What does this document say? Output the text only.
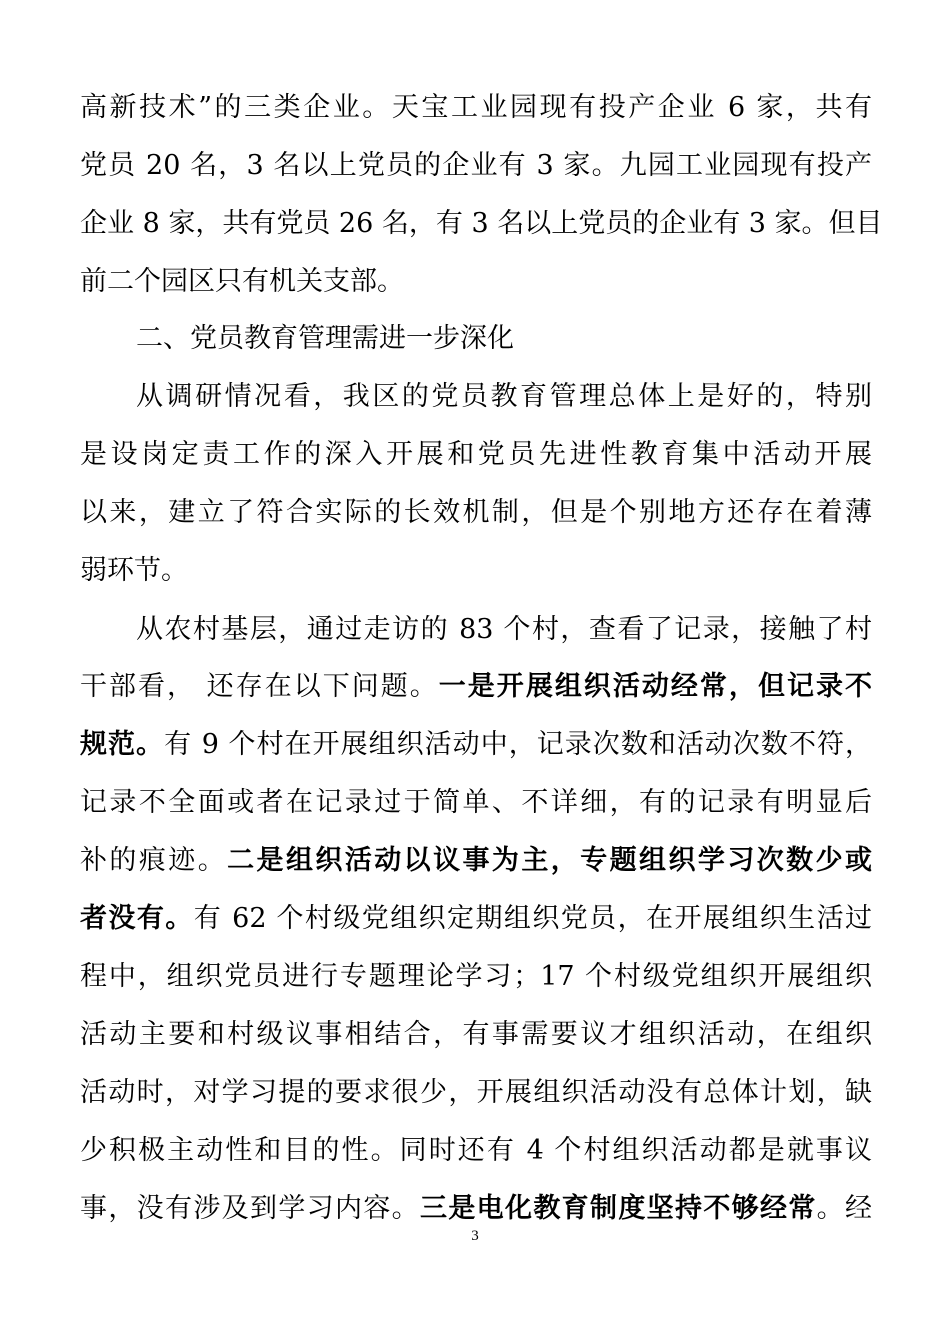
高新技术”的三类企业。天宝工业园现有投产企业 6 家，共有
党员 20 名，3 名以上党员的企业有 3 家。九园工业园现有投产
企业 8 家，共有党员 26 名，有 3 名以上党员的企业有 3 家。但目
前二个园区只有机关支部。
二、党员教育管理需进一步深化
从调研情况看，我区的党员教育管理总体上是好的，特别
是设岗定责工作的深入开展和党员先进性教育集中活动开展
以来，建立了符合实际的长效机制，但是个别地方还存在着薄
弱环节。
从农村基层，通过走访的 83 个村，查看了记录，接触了村
干部看， 还存在以下问题。一是开展组织活动经常，但记录不
规范。有 9 个村在开展组织活动中，记录次数和活动次数不符，
记录不全面或者在记录过于简单、不详细，有的记录有明显后
补的痕迹。二是组织活动以议事为主，专题组织学习次数少或
者没有。有 62 个村级党组织定期组织党员，在开展组织生活过
程中，组织党员进行专题理论学习；17 个村级党组织开展组织
活动主要和村级议事相结合，有事需要议才组织活动，在组织
活动时，对学习提的要求很少，开展组织活动没有总体计划，缺
少积极主动性和目的性。同时还有 4 个村组织活动都是就事议
事，没有涉及到学习内容。三是电化教育制度坚持不够经常。经
3
